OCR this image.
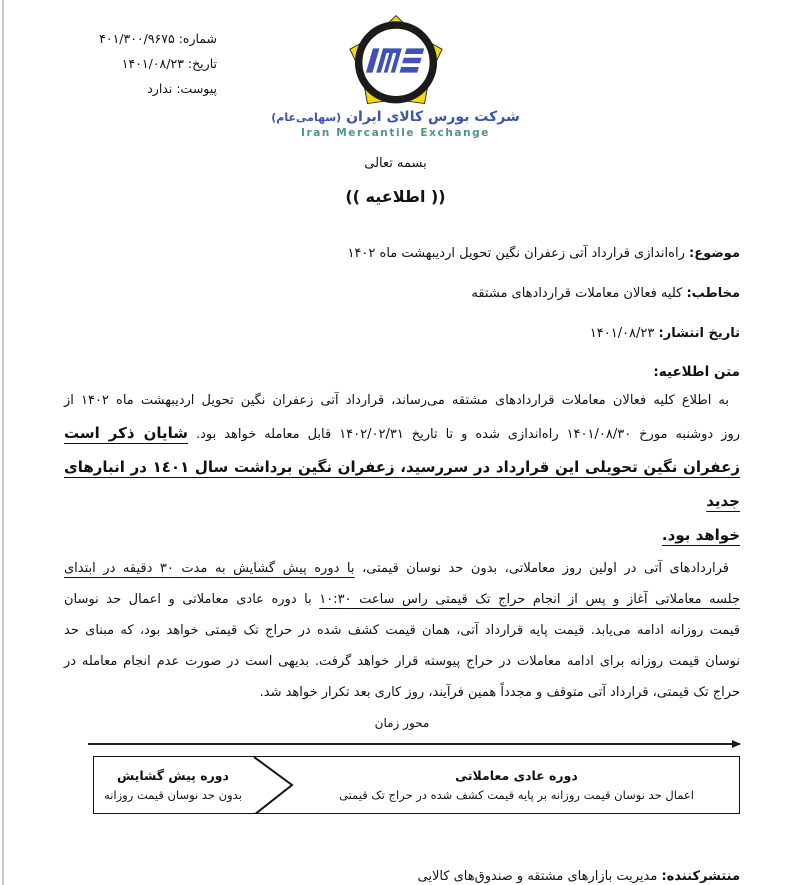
شماره: ۴۰۱/۳۰۰/۹۶۷۵
تاریخ: ۱۴۰۱/۰۸/۲۳
پیوست: ندارد
شرکت بورس کالای ایران (سهامی‌عام)
Iran Mercantile Exchange
بسمه تعالی
(( اطلاعیه ))
موضوع: راه‌اندازی قرارداد آتی زعفران نگین تحویل اردیبهشت ماه ۱۴۰۲
مخاطب: کلیه فعالان معاملات قراردادهای مشتقه
تاریخ انتشار: ۱۴۰۱/۰۸/۲۳
متن اطلاعیه:
به اطلاع کلیه فعالان معاملات قراردادهای مشتقه می‌رساند، قرارداد آتی زعفران نگین تحویل اردیبهشت ماه ۱۴۰۲ از
روز دوشنبه مورخ ۱۴۰۱/۰۸/۳۰ راه‌اندازی شده و تا تاریخ ۱۴۰۲/۰۲/۳۱ قابل معامله خواهد بود. شایان ذکر است
زعفران نگین تحویلی این قرارداد در سررسید، زعفران نگین برداشت سال ۱٤۰۱ در انبارهای جدید
خواهد بود.
قراردادهای آتی در اولین روز معاملاتی، بدون حد نوسان قیمتی، با دوره پیش گشایش به مدت ۳۰ دقیقه در ابتدای
جلسه معاملاتی آغاز و پس از انجام حراج تک قیمتی راس ساعت ۱۰:۳۰ با دوره عادی معاملاتی و اعمال حد نوسان
قیمت روزانه ادامه می‌یابد. قیمت پایه قرارداد آتی، همان قیمت کشف شده در حراج تک قیمتی خواهد بود، که مبنای حد
نوسان قیمت روزانه برای ادامه معاملات در حراج پیوسته قرار خواهد گرفت. بدیهی است در صورت عدم انجام معامله در
حراج تک قیمتی، قرارداد آتی متوقف و مجدداً همین فرآیند، روز کاری بعد تکرار خواهد شد.
محور زمان
دوره پیش گشایش
بدون حد نوسان قیمت روزانه
دوره عادی معاملاتی
اعمال حد نوسان قیمت روزانه بر پایه قیمت کشف شده در حراج تک قیمتی
منتشرکننده: مدیریت بازارهای مشتقه و صندوق‌های کالایی
